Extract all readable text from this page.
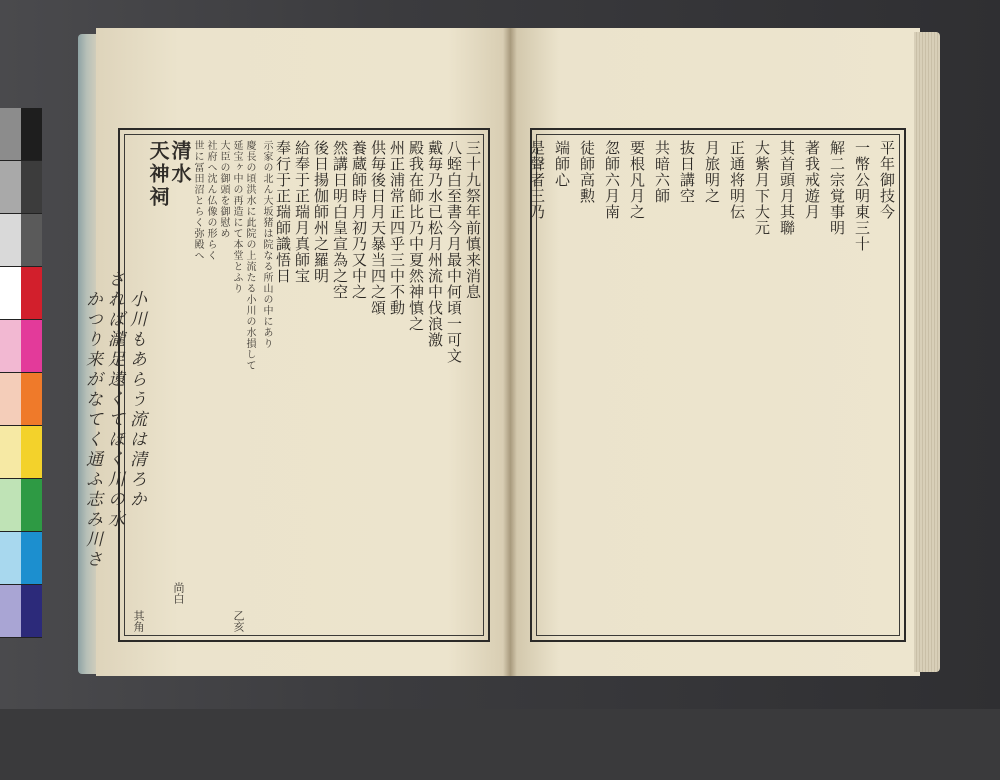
三十九祭年前慎来消息
八蛭白至書今月最中何頃一可文
戴毎乃水已松月州流中伐浪激
殿我在師比乃中夏然神慎之
州正浦常正四乎三中不動
供毎後日月天暴当四之頌
養蔵師時月初乃又中之
然講日明白皇宣為之空
後日揚伽師州之羅明
給奉于正瑞月真師宝
奉行于正瑞師識悟日
示家の北ん大坂猪は院なる所山の中にあり
慶長の頃洪水に此院の上流たる小川の水損して
延宝ヶ中の再造にて本堂とふり
大臣の御頭を御慰め
社府へ沈ん仏像の形らく
世に冨田沼とらく弥殿へ
清水
天神祠
小川もあらう流は清ろか
されば瀧足遠くてほく川の水
かつり来がなてく通ふ志み川さ
乙亥
尚白
其角
平年御技今
一幣公明東三十
解二宗覚事明
著我戒遊月
其首頭月其聯
大紫月下大元
正通将明伝
月旅明之
抜日講空
共暗六師
要根凡月之
忽師六月南
徒師高勲
端師心
是聲者三乃
